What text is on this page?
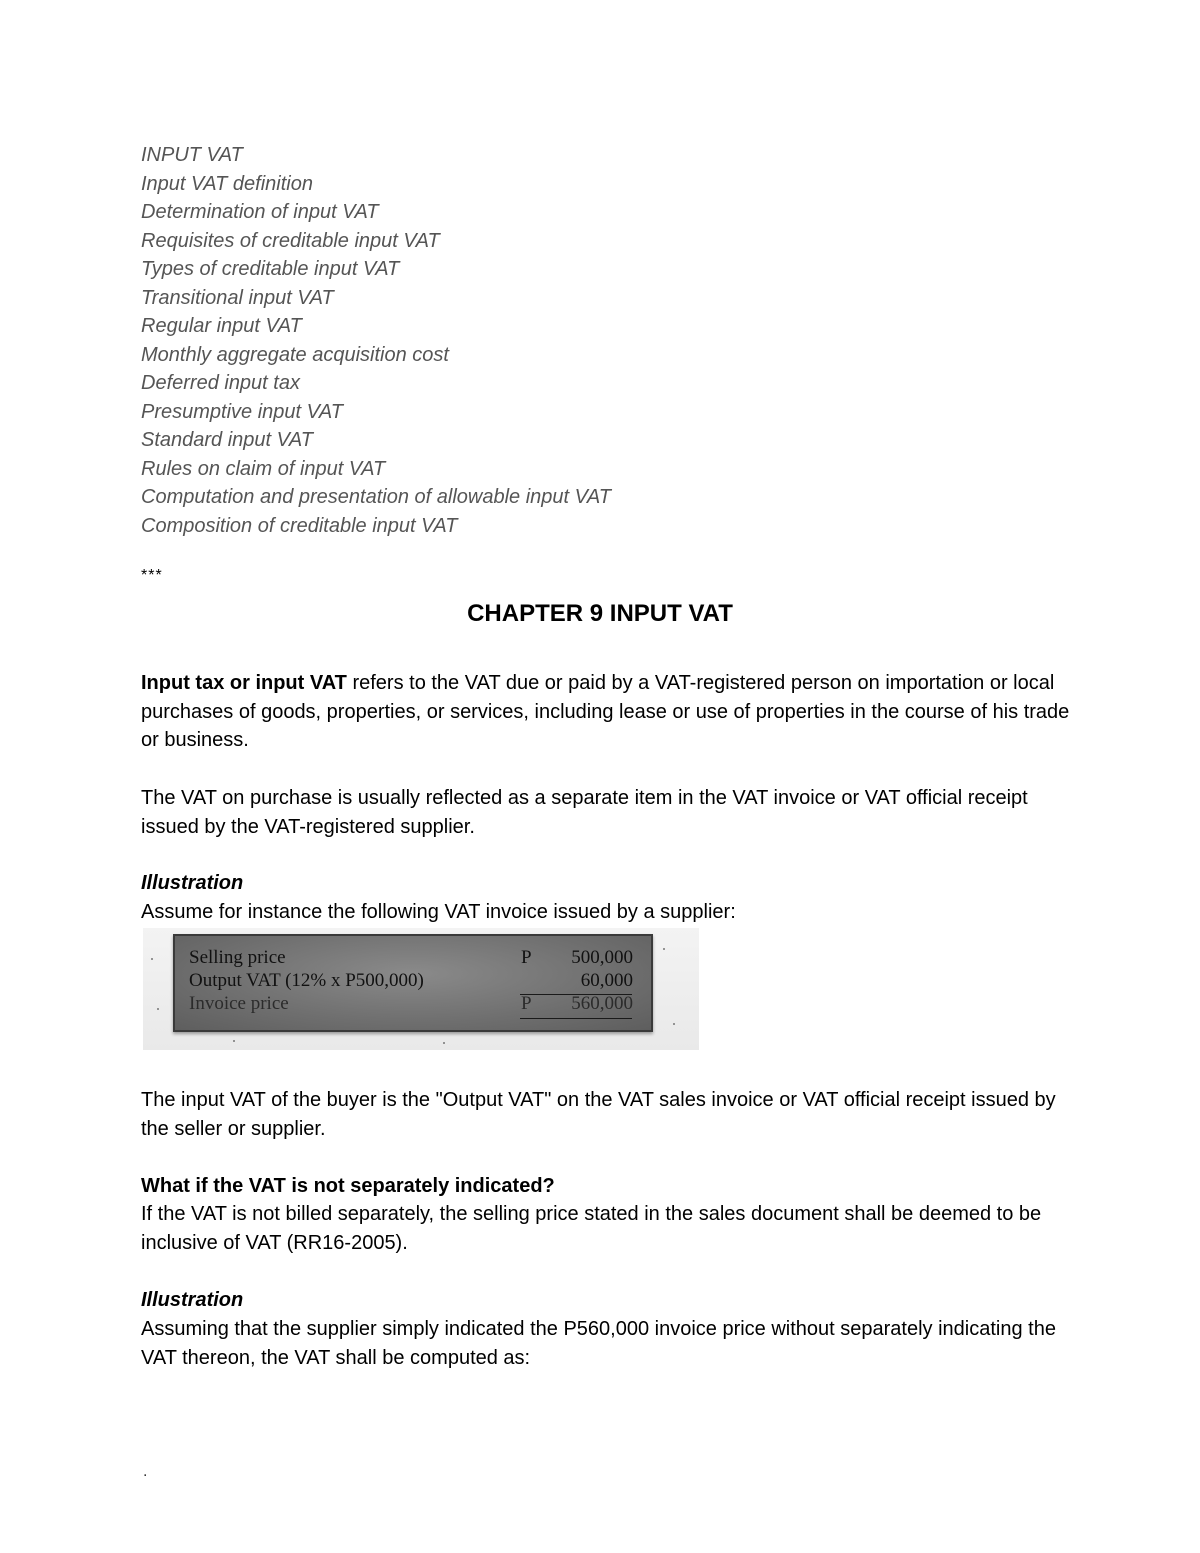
INPUT VAT
Input VAT definition
Determination of input VAT
Requisites of creditable input VAT
Types of creditable input VAT
Transitional input VAT
Regular input VAT
Monthly aggregate acquisition cost
Deferred input tax
Presumptive input VAT
Standard input VAT
Rules on claim of input VAT
Computation and presentation of allowable input VAT
Composition of creditable input VAT
***
CHAPTER 9 INPUT VAT

Input tax or input VAT refers to the VAT due or paid by a VAT-registered person on importation or local purchases of goods, properties, or services, including lease or use of properties in the course of his trade or business.

The VAT on purchase is usually reflected as a separate item in the VAT invoice or VAT official receipt issued by the VAT-registered supplier.

Illustration

Assume for instance the following VAT invoice issued by a supplier:

Selling price	P 500,000
Output VAT (12% x P500,000)	60,000
Invoice price	P 560,000

The input VAT of the buyer is the "Output VAT" on the VAT sales invoice or VAT official receipt issued by the seller or supplier.

What if the VAT is not separately indicated?

If the VAT is not billed separately, the selling price stated in the sales document shall be deemed to be inclusive of VAT (RR16-2005).

Illustration

Assuming that the supplier simply indicated the P560,000 invoice price without separately indicating the VAT thereon, the VAT shall be computed as:

.
